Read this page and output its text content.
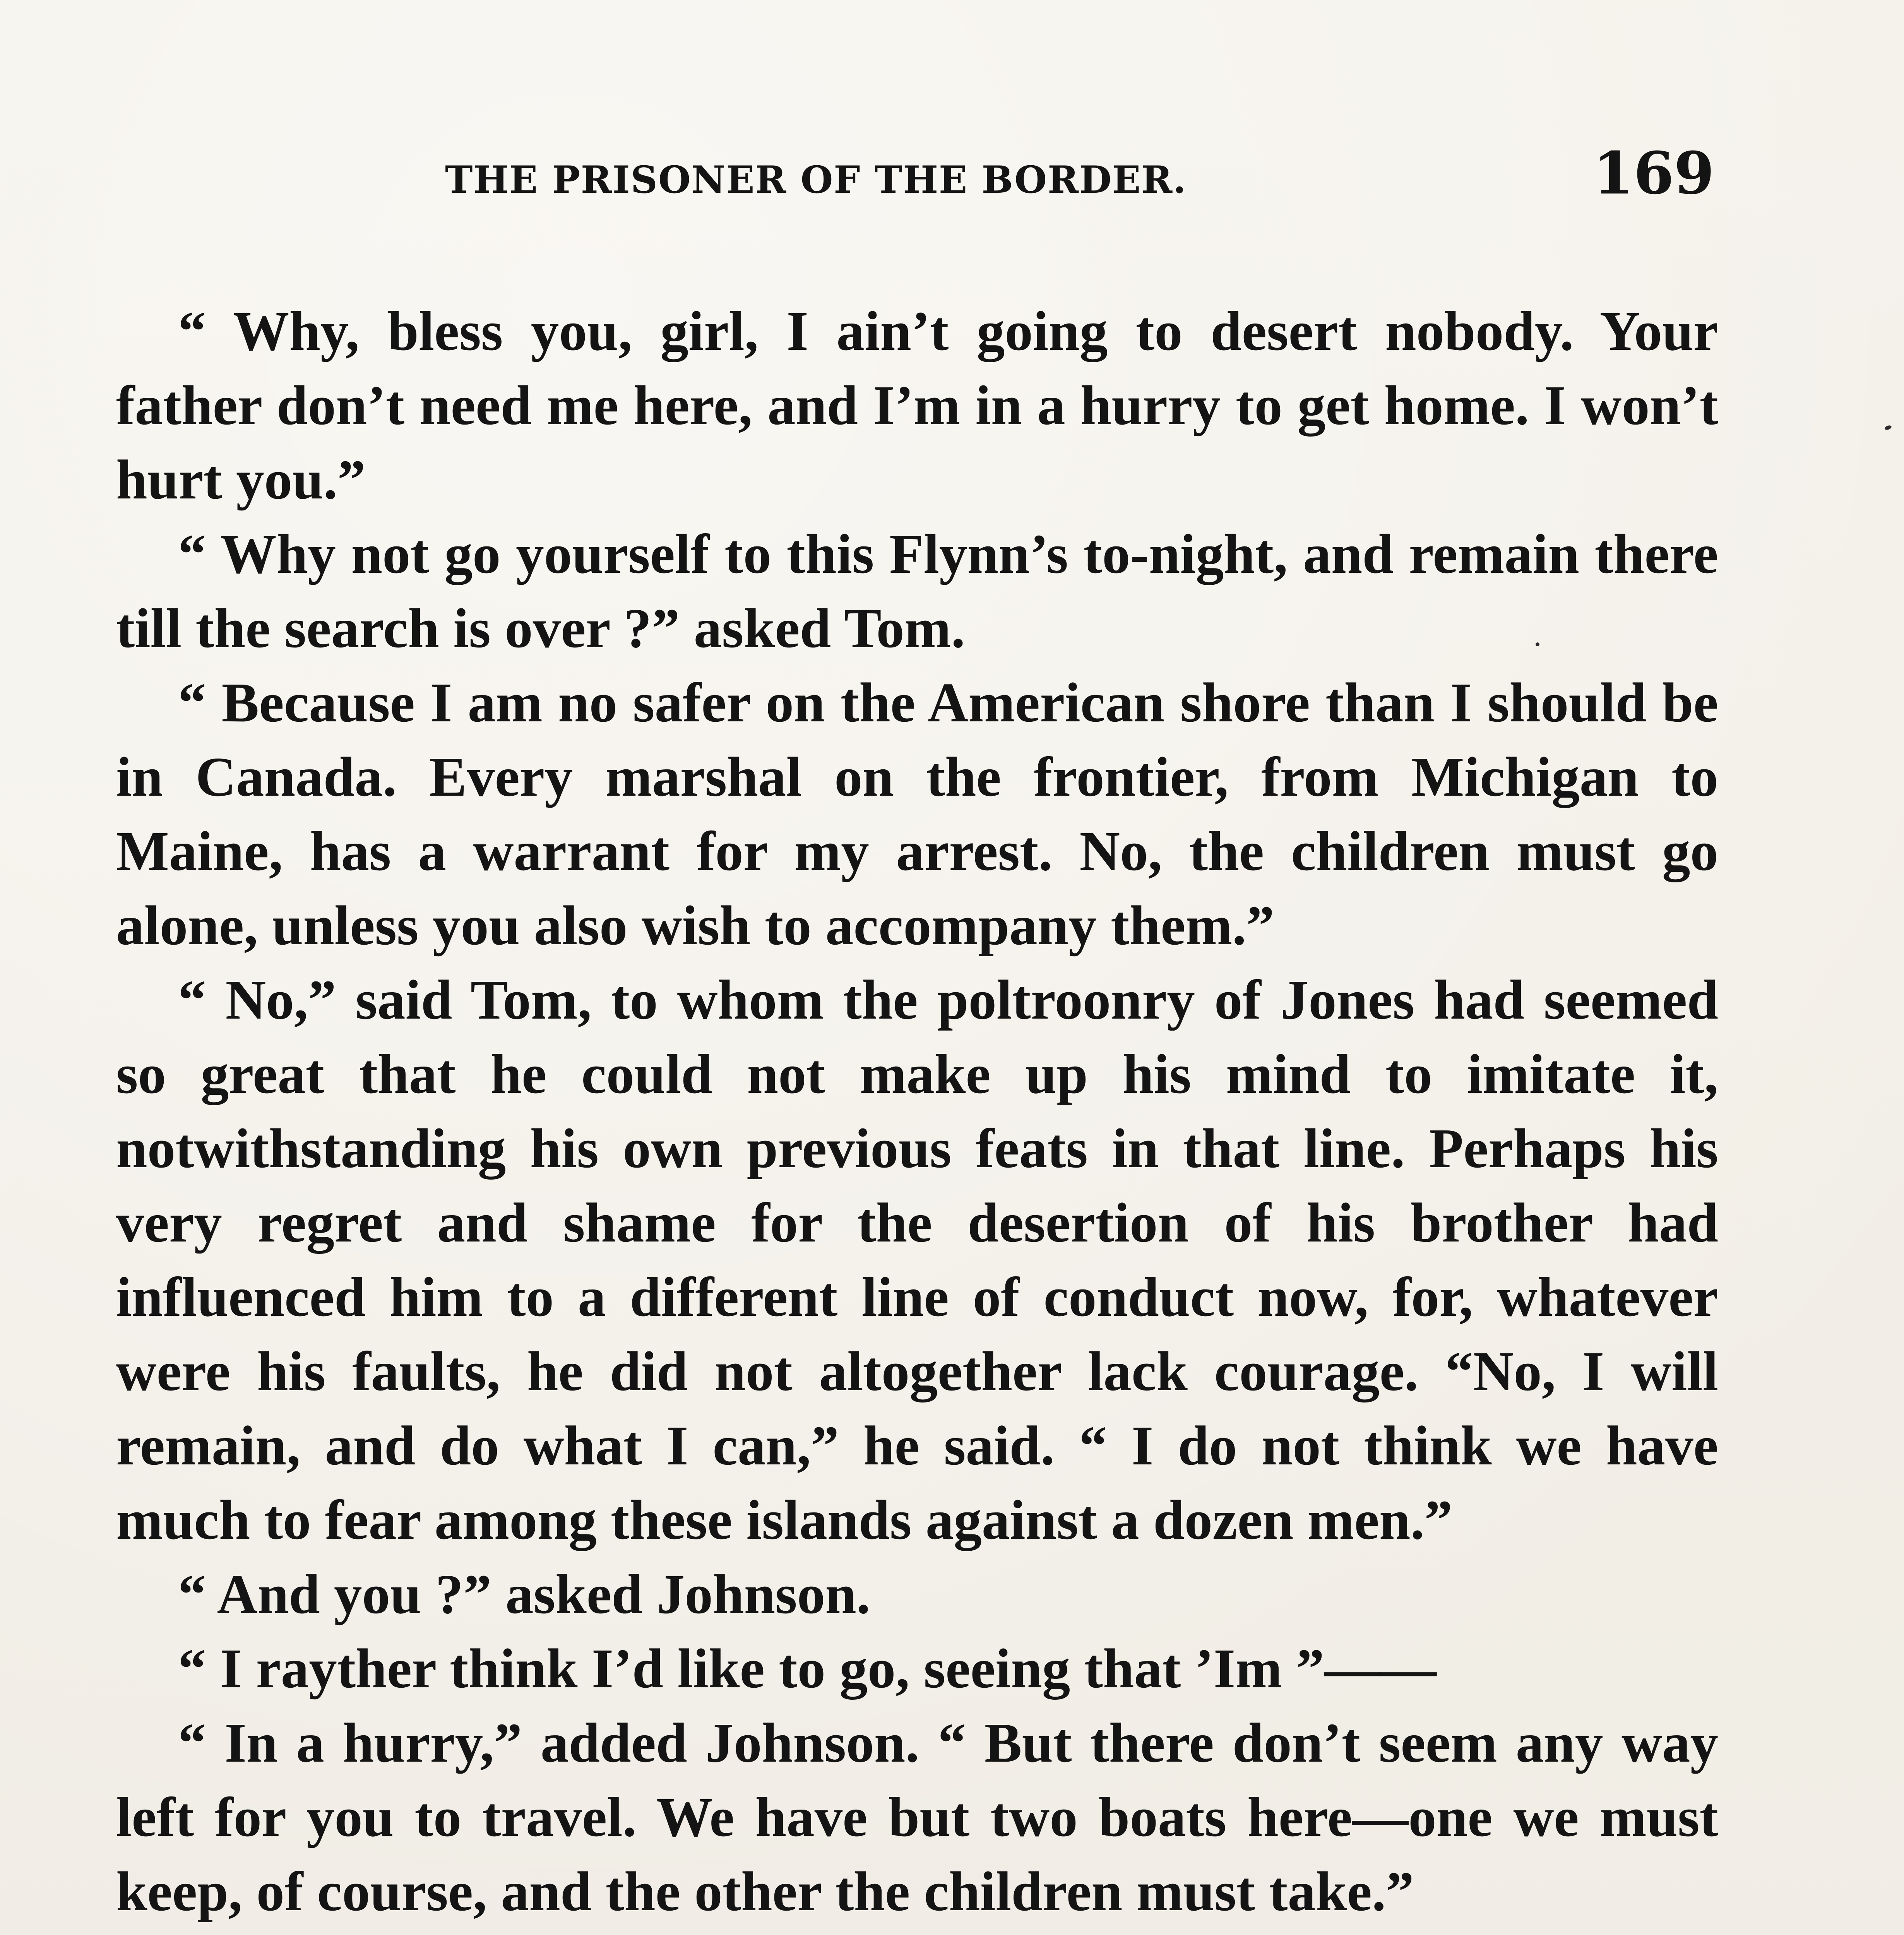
THE PRISONER OF THE BORDER.	169

“ Why, bless you, girl, I ain’t going to desert nobody. Your father don’t need me here, and I’m in a hurry to get home. I won’t hurt you.”

“ Why not go yourself to this Flynn’s to-night, and remain there till the search is over ?” asked Tom.

“ Because I am no safer on the American shore than I should be in Canada. Every marshal on the frontier, from Michigan to Maine, has a warrant for my arrest. No, the children must go alone, unless you also wish to accompany them.”

“ No,” said Tom, to whom the poltroonry of Jones had seemed so great that he could not make up his mind to imitate it, notwithstanding his own previous feats in that line. Perhaps his very regret and shame for the desertion of his brother had influenced him to a different line of conduct now, for, whatever were his faults, he did not altogether lack courage. “No, I will remain, and do what I can,” he said. “ I do not think we have much to fear among these islands against a dozen men.”

“ And you ?” asked Johnson.

“ I rayther think I’d like to go, seeing that ’Im ”——

“ In a hurry,” added Johnson. “ But there don’t seem any way left for you to travel. We have but two boats here—one we must keep, of course, and the other the children must take.”
